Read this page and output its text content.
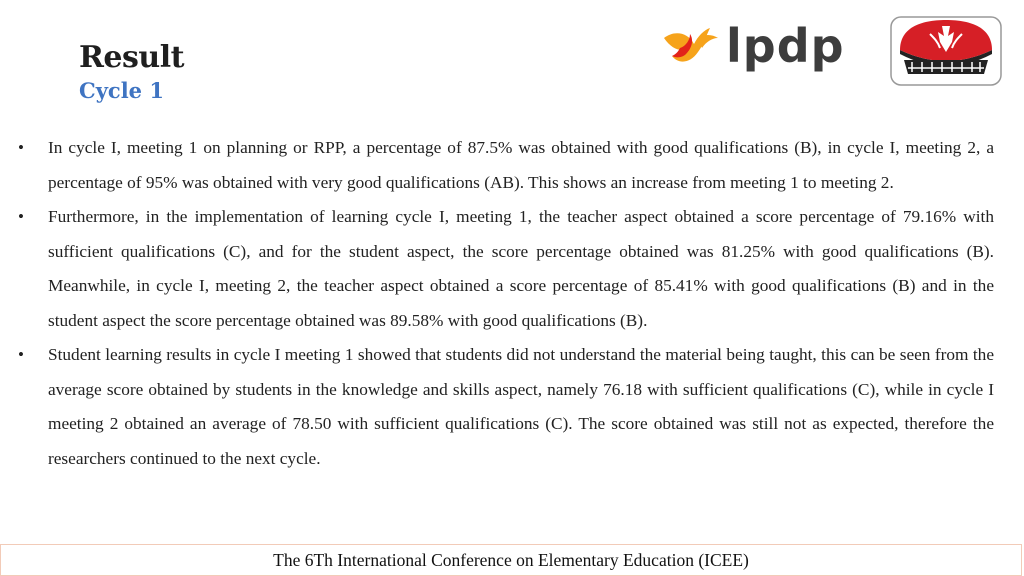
Result
Cycle 1
lpdp
• In cycle I, meeting 1 on planning or RPP, a percentage of 87.5% was obtained with good qualifications (B), in cycle I, meeting 2, a percentage of 95% was obtained with very good qualifications (AB). This shows an increase from meeting 1 to meeting 2.
• Furthermore, in the implementation of learning cycle I, meeting 1, the teacher aspect obtained a score percentage of 79.16% with sufficient qualifications (C), and for the student aspect, the score percentage obtained was 81.25% with good qualifications (B). Meanwhile, in cycle I, meeting 2, the teacher aspect obtained a score percentage of 85.41% with good qualifications (B) and in the student aspect the score percentage obtained was 89.58% with good qualifications (B).
• Student learning results in cycle I meeting 1 showed that students did not understand the material being taught, this can be seen from the average score obtained by students in the knowledge and skills aspect, namely 76.18 with sufficient qualifications (C), while in cycle I meeting 2 obtained an average of 78.50 with sufficient qualifications (C). The score obtained was still not as expected, therefore the researchers continued to the next cycle.
The 6Th International Conference on Elementary Education (ICEE)
